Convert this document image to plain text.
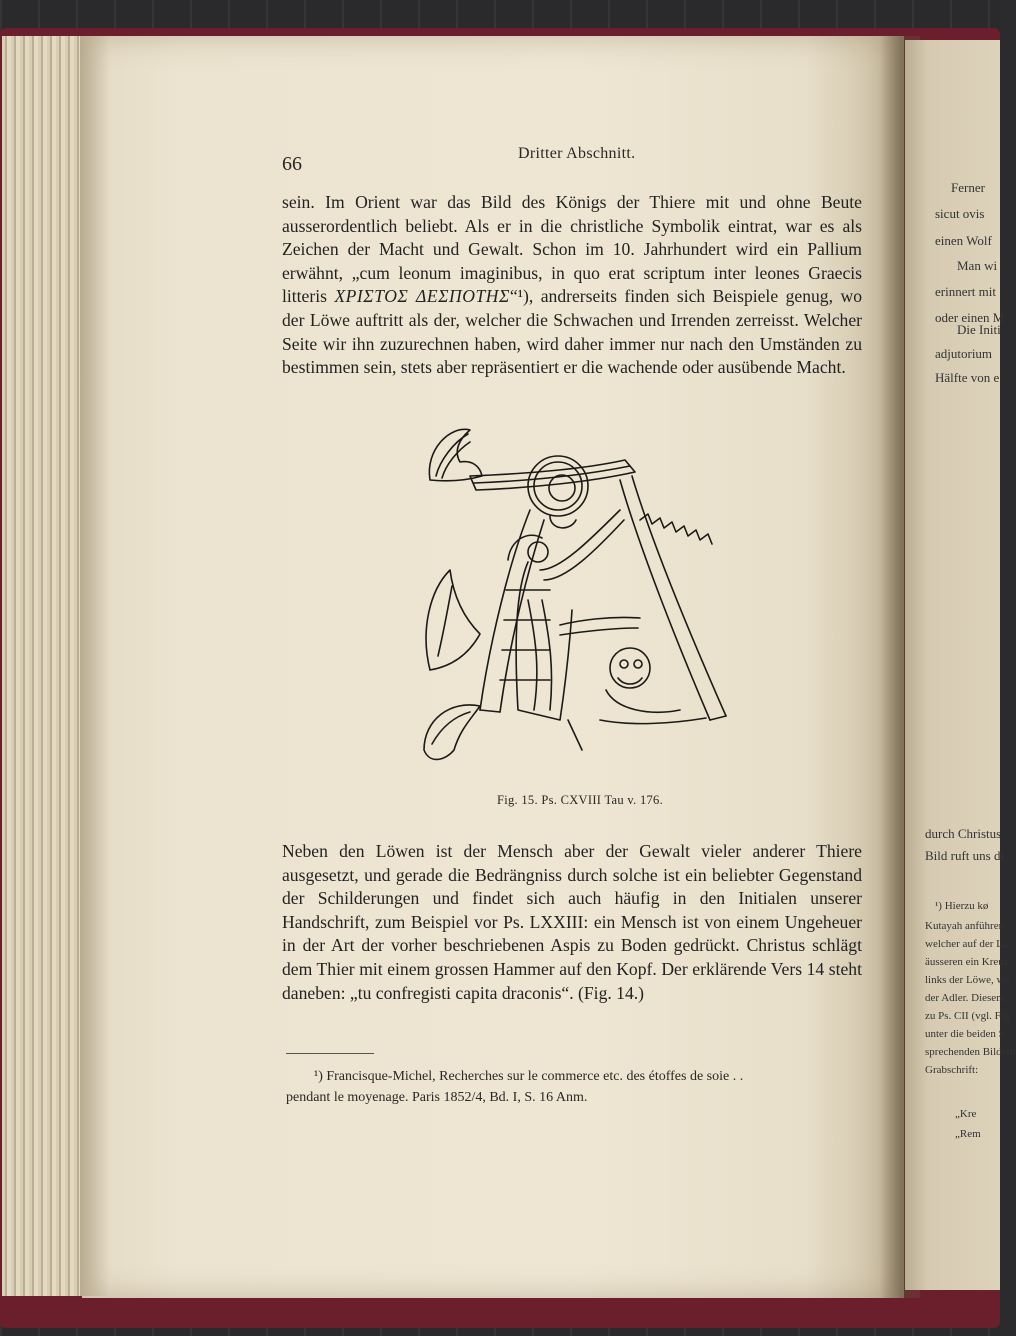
Ferner
sicut ovis
einen Wolf
Man wi
erinnert mit
oder einen M
Die Initi
adjutorium
Hälfte von e
durch Christus
Bild ruft uns di
¹) Hierzu kø
Kutayah anführen
welcher auf der La
äusseren ein Kreuz
links der Löwe, we
der Adler. Diesem
zu Ps. CII (vgl. Fig
unter die beiden S
sprechenden Bildern
Grabschrift:
„Kre
„Rem
66	Dritter Abschnitt.
sein. Im Orient war das Bild des Königs der Thiere mit und ohne Beute ausserordentlich beliebt. Als er in die christliche Symbolik eintrat, war es als Zeichen der Macht und Gewalt. Schon im 10. Jahrhundert wird ein Pallium erwähnt, „cum leonum imaginibus, in quo erat scriptum inter leones Graecis litteris ΧΡΙΣΤΟΣ ΔΕΣΠΟΤΗΣ“¹), andrerseits finden sich Beispiele genug, wo der Löwe auftritt als der, welcher die Schwachen und Irrenden zerreisst. Welcher Seite wir ihn zuzurechnen haben, wird daher immer nur nach den Umständen zu bestimmen sein, stets aber repräsentiert er die wachende oder ausübende Macht.
Fig. 15. Ps. CXVIII Tau v. 176.
Neben den Löwen ist der Mensch aber der Gewalt vieler anderer Thiere ausgesetzt, und gerade die Bedrängniss durch solche ist ein beliebter Gegenstand der Schilderungen und findet sich auch häufig in den Initialen unserer Handschrift, zum Beispiel vor Ps. LXXIII: ein Mensch ist von einem Ungeheuer in der Art der vorher beschriebenen Aspis zu Boden gedrückt. Christus schlägt dem Thier mit einem grossen Hammer auf den Kopf. Der erklärende Vers 14 steht daneben: „tu confregisti capita draconis“. (Fig. 14.)
¹) Francisque-Michel, Recherches sur le commerce etc. des étoffes de soie . .
pendant le moyenage. Paris 1852/4, Bd. I, S. 16 Anm.
